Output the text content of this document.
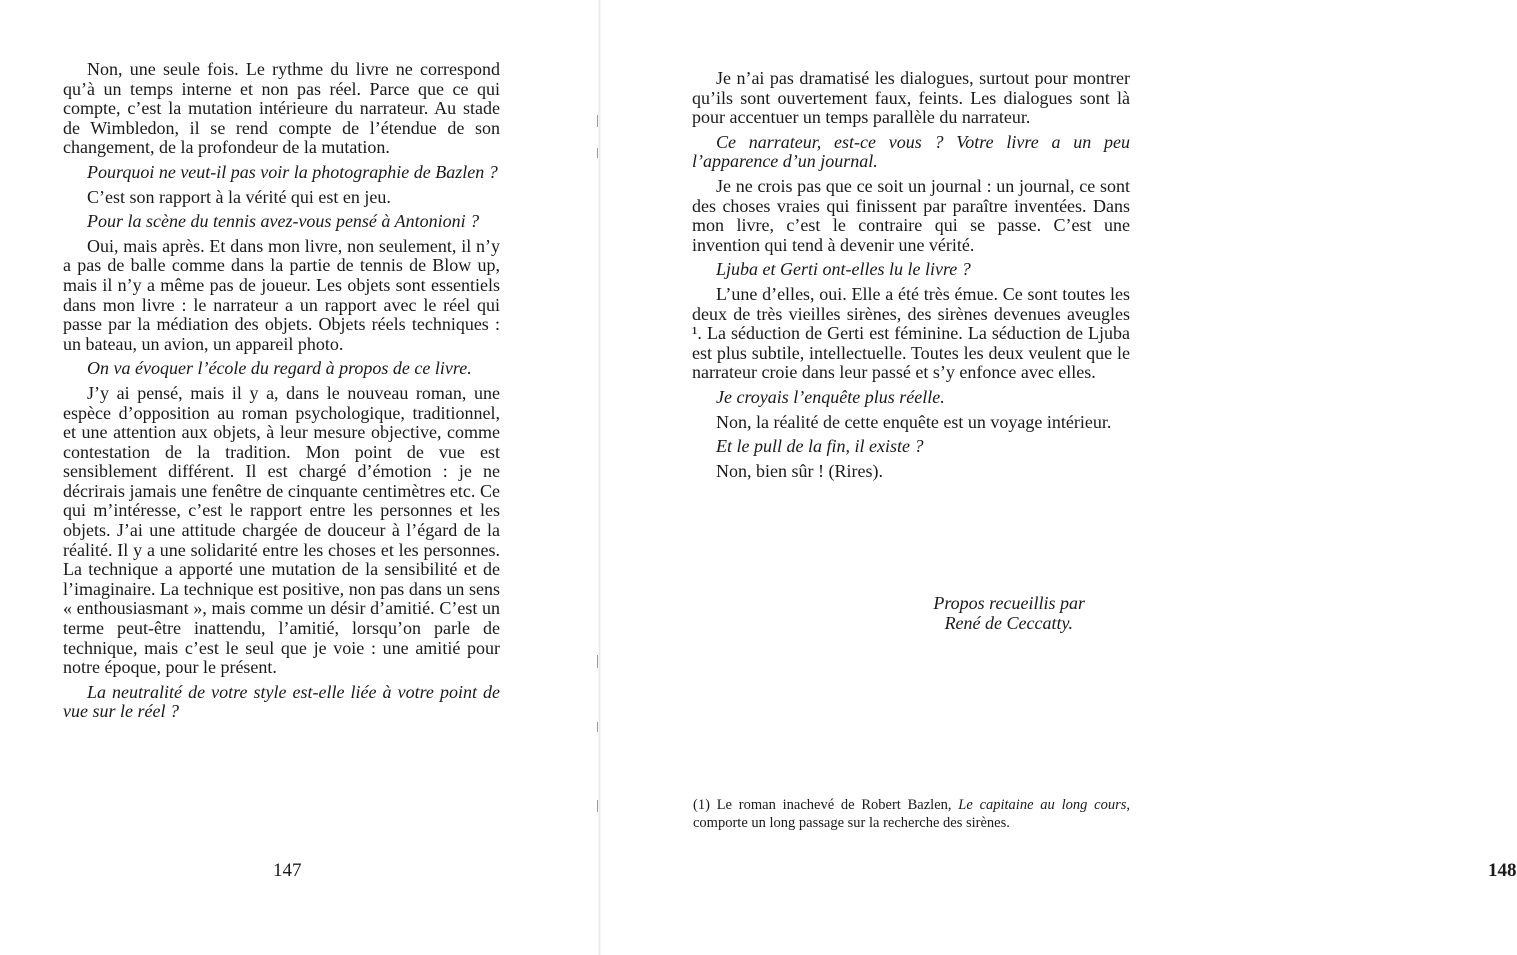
Non, une seule fois. Le rythme du livre ne correspond qu’à un temps interne et non pas réel. Parce que ce qui compte, c’est la mutation intérieure du narrateur. Au stade de Wimbledon, il se rend compte de l’étendue de son changement, de la profondeur de la mutation.

Pourquoi ne veut-il pas voir la photographie de Bazlen ?

C’est son rapport à la vérité qui est en jeu.

Pour la scène du tennis avez-vous pensé à Antonioni ?

Oui, mais après. Et dans mon livre, non seulement, il n’y a pas de balle comme dans la partie de tennis de Blow up, mais il n’y a même pas de joueur. Les objets sont essentiels dans mon livre : le narrateur a un rapport avec le réel qui passe par la médiation des objets. Objets réels techniques : un bateau, un avion, un appareil photo.

On va évoquer l’école du regard à propos de ce livre.

J’y ai pensé, mais il y a, dans le nouveau roman, une espèce d’opposition au roman psychologique, traditionnel, et une attention aux objets, à leur mesure objective, comme contestation de la tradition. Mon point de vue est sensiblement différent. Il est chargé d’émotion : je ne décrirais jamais une fenêtre de cinquante centimètres etc. Ce qui m’intéresse, c’est le rapport entre les personnes et les objets. J’ai une attitude chargée de douceur à l’égard de la réalité. Il y a une solidarité entre les choses et les personnes. La technique a apporté une mutation de la sensibilité et de l’imaginaire. La technique est positive, non pas dans un sens « enthousiasmant », mais comme un désir d’amitié. C’est un terme peut-être inattendu, l’amitié, lorsqu’on parle de technique, mais c’est le seul que je voie : une amitié pour notre époque, pour le présent.

La neutralité de votre style est-elle liée à votre point de vue sur le réel ?

147

Je n’ai pas dramatisé les dialogues, surtout pour montrer qu’ils sont ouvertement faux, feints. Les dialogues sont là pour accentuer un temps parallèle du narrateur.

Ce narrateur, est-ce vous ? Votre livre a un peu l’apparence d’un journal.

Je ne crois pas que ce soit un journal : un journal, ce sont des choses vraies qui finissent par paraître inventées. Dans mon livre, c’est le contraire qui se passe. C’est une invention qui tend à devenir une vérité.

Ljuba et Gerti ont-elles lu le livre ?

L’une d’elles, oui. Elle a été très émue. Ce sont toutes les deux de très vieilles sirènes, des sirènes devenues aveugles ¹. La séduction de Gerti est féminine. La séduction de Ljuba est plus subtile, intellectuelle. Toutes les deux veulent que le narrateur croie dans leur passé et s’y enfonce avec elles.

Je croyais l’enquête plus réelle.

Non, la réalité de cette enquête est un voyage intérieur.

Et le pull de la fin, il existe ?

Non, bien sûr ! (Rires).

148
Propos recueillis par
René de Ceccatty.
(1) Le roman inachevé de Robert Bazlen, Le capitaine au long cours, comporte un long passage sur la recherche des sirènes.
